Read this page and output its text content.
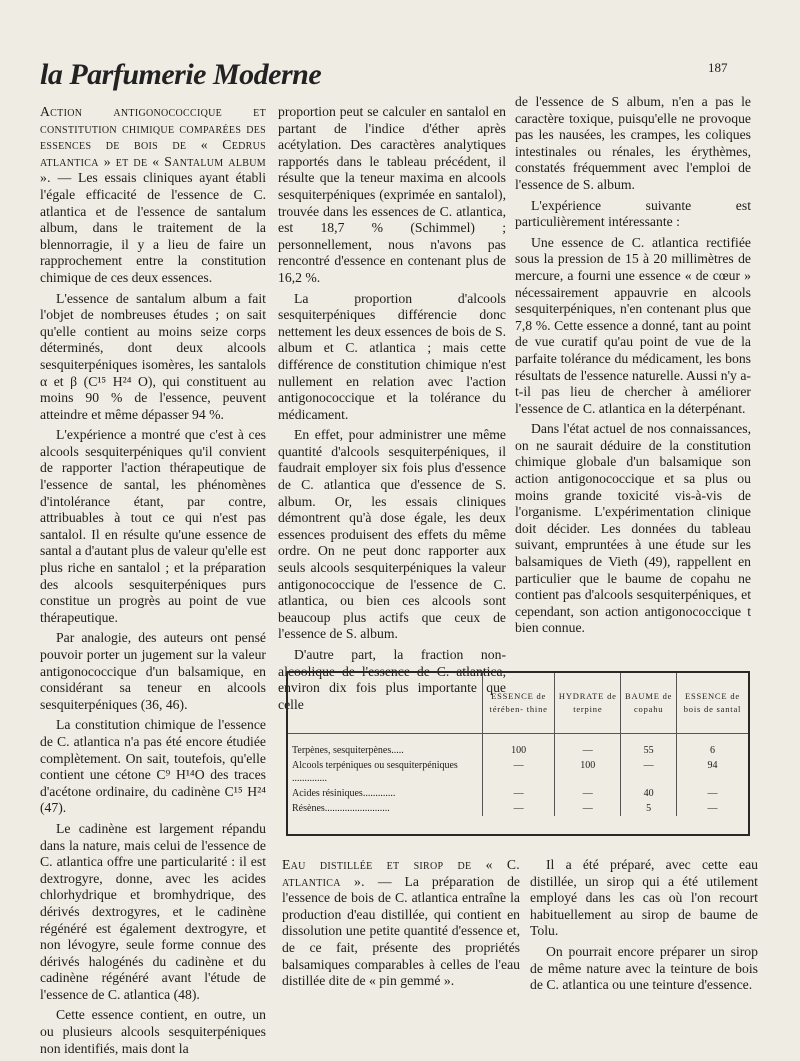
la Parfumerie Moderne	187

Action antigonococcique et constitution chimique comparées des essences de bois de « Cedrus atlantica » et de « Santalum album ». — Les essais cliniques ayant établi l'égale efficacité de l'essence de C. atlantica et de l'essence de santalum album, dans le traitement de la blennorragie, il y a lieu de faire un rapprochement entre la constitution chimique de ces deux essences.

L'essence de santalum album a fait l'objet de nombreuses études ; on sait qu'elle contient au moins seize corps déterminés, dont deux alcools sesquiterpéniques isomères, les santalols α et β (C¹⁵ H²⁴ O), qui constituent au moins 90 % de l'essence, peuvent atteindre et même dépasser 94 %.

L'expérience a montré que c'est à ces alcools sesquiterpéniques qu'il convient de rapporter l'action thérapeutique de l'essence de santal, les phénomènes d'intolérance étant, par contre, attribuables à tout ce qui n'est pas santalol. Il en résulte qu'une essence de santal a d'autant plus de valeur qu'elle est plus riche en santalol ; et la préparation des alcools sesquiterpéniques purs constitue un progrès au point de vue thérapeutique.

Par analogie, des auteurs ont pensé pouvoir porter un jugement sur la valeur antigonococcique d'un balsamique, en considérant sa teneur en alcools sesquiterpéniques (36, 46).

La constitution chimique de l'essence de C. atlantica n'a pas été encore étudiée complètement. On sait, toutefois, qu'elle contient une cétone C⁹ H¹⁴O des traces d'acétone ordinaire, du cadinène C¹⁵ H²⁴ (47).

Le cadinène est largement répandu dans la nature, mais celui de l'essence de C. atlantica offre une particularité : il est dextrogyre, donne, avec les acides chlorhydrique et bromhydrique, des dérivés dextrogyres, et le cadinène régénéré est également dextrogyre, et non lévogyre, seule forme connue des dérivés halogénés du cadinène et du cadinène régénéré avant l'étude de l'essence de C. atlantica (48).

Cette essence contient, en outre, un ou plusieurs alcools sesquiterpéniques non identifiés, mais dont la

proportion peut se calculer en santalol en partant de l'indice d'éther après acétylation. Des caractères analytiques rapportés dans le tableau précédent, il résulte que la teneur maxima en alcools sesquiterpéniques (exprimée en santalol), trouvée dans les essences de C. atlantica, est 18,7 % (Schimmel) ; personnellement, nous n'avons pas rencontré d'essence en contenant plus de 16,2 %.

La proportion d'alcools sesquiterpéniques différencie donc nettement les deux essences de bois de S. album et C. atlantica ; mais cette différence de constitution chimique n'est nullement en relation avec l'action antigonococcique et la tolérance du médicament.

En effet, pour administrer une même quantité d'alcools sesquiterpéniques, il faudrait employer six fois plus d'essence de C. atlantica que d'essence de S. album. Or, les essais cliniques démontrent qu'à dose égale, les deux essences produisent des effets du même ordre. On ne peut donc rapporter aux seuls alcools sesquiterpéniques la valeur antigonococcique de l'essence de C. atlantica, ou bien ces alcools sont beaucoup plus actifs que ceux de l'essence de S. album.

D'autre part, la fraction non-alcoolique de l'essence de C. atlantica, environ dix fois plus importante que celle

de l'essence de S album, n'en a pas le caractère toxique, puisqu'elle ne provoque pas les nausées, les crampes, les coliques intestinales ou rénales, les érythèmes, constatés fréquemment avec l'emploi de l'essence de S. album.

L'expérience suivante est particulièrement intéressante :

Une essence de C. atlantica rectifiée sous la pression de 15 à 20 millimètres de mercure, a fourni une essence « de cœur » nécessairement appauvrie en alcools sesquiterpéniques, n'en contenant plus que 7,8 %. Cette essence a donné, tant au point de vue curatif qu'au point de vue de la parfaite tolérance du médicament, les bons résultats de l'essence naturelle. Aussi n'y a-t-il pas lieu de chercher à améliorer l'essence de C. atlantica en la déterpénant.

Dans l'état actuel de nos connaissances, on ne saurait déduire de la constitution chimique globale d'un balsamique son action antigonococcique et sa plus ou moins grande toxicité vis-à-vis de l'organisme. L'expérimentation clinique doit décider. Les données du tableau suivant, empruntées à une étude sur les balsamiques de Vieth (49), rappellent en particulier que le baume de copahu ne contient pas d'alcools sesquiterpéniques, et cependant, son action antigonococcique t bien connue.

	ESSENCE de térében- thine	HYDRATE de terpine	BAUME de copahu	ESSENCE de bois de santal
Terpènes, sesquiterpènes.....	100	—	55	6
Alcools terpéniques ou sesquiterpéniques ..............	—	100	—	94
Acides résiniques.............	—	—	40	—
Résènes..........................	—	—	5	—

Eau distillée et sirop de « C. atlantica ». — La préparation de l'essence de bois de C. atlantica entraîne la production d'eau distillée, qui contient en dissolution une petite quantité d'essence et, de ce fait, présente des propriétés balsamiques comparables à celles de l'eau distillée dite de « pin gemmé ».

Il a été préparé, avec cette eau distillée, un sirop qui a été utilement employé dans les cas où l'on recourt habituellement au sirop de baume de Tolu.

On pourrait encore préparer un sirop de même nature avec la teinture de bois de C. atlantica ou une teinture d'essence.
